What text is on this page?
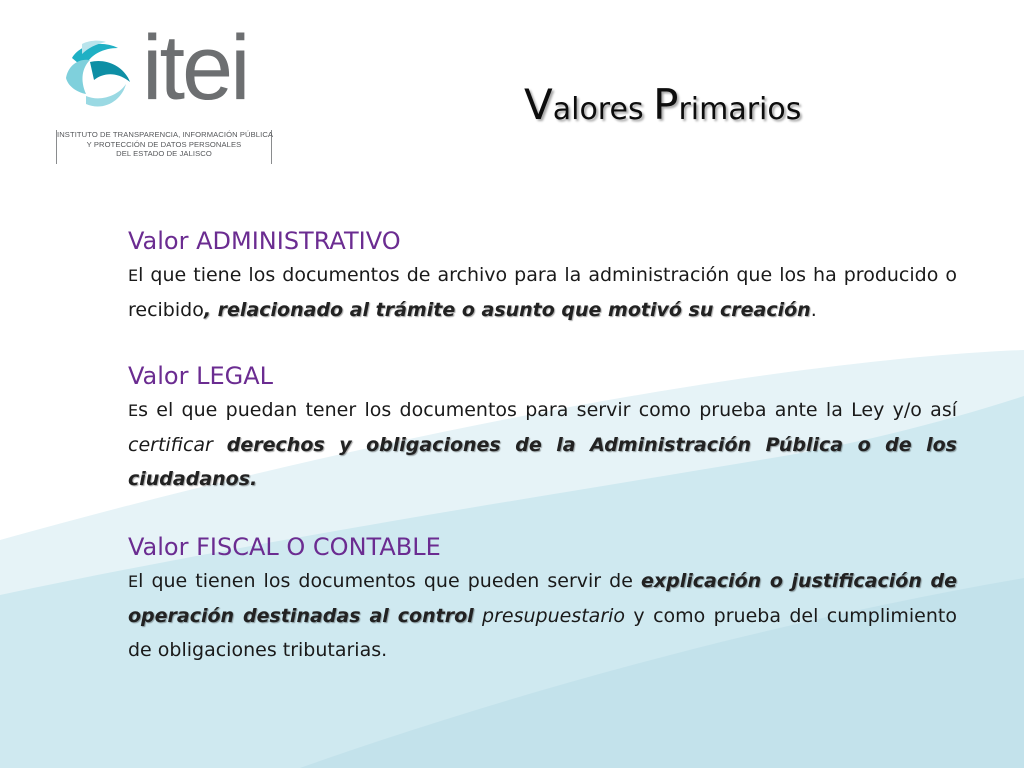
itei
INSTITUTO DE TRANSPARENCIA, INFORMACIÓN PÚBLICA
Y PROTECCIÓN DE DATOS PERSONALES
DEL ESTADO DE JALISCO
Valores Primarios
Valor ADMINISTRATIVO

El que tiene los documentos de archivo para la administración que los ha producido o recibido, relacionado al trámite o asunto que motivó su creación.

Valor LEGAL

Es el que puedan tener los documentos para servir como prueba ante la Ley y/o así certificar derechos y obligaciones de la Administración Pública o de los ciudadanos.

Valor FISCAL O CONTABLE

El que tienen los documentos que pueden servir de explicación o justificación de operación destinadas al control presupuestario y como prueba del cumplimiento de obligaciones tributarias.
